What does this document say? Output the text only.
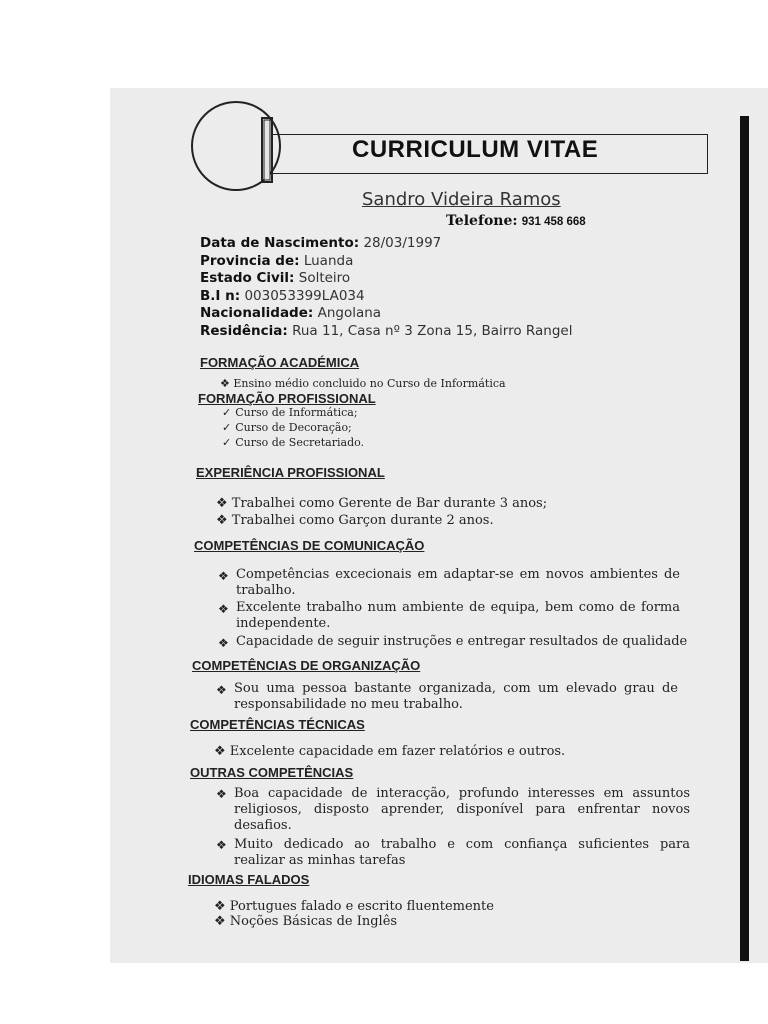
CURRICULUM VITAE
Sandro Videira Ramos
Telefone: 931 458 668
Data de Nascimento: 28/03/1997
Provincia de: Luanda
Estado Civil: Solteiro
B.I n: 003053399LA034
Nacionalidade: Angolana
Residência: Rua 11, Casa nº 3 Zona 15, Bairro Rangel
FORMAÇÃO ACADÉMICA
❖ Ensino médio concluido no Curso de Informática
FORMAÇÃO PROFISSIONAL
✓ Curso de Informática;
✓ Curso de Decoração;
✓ Curso de Secretariado.
EXPERIÊNCIA PROFISSIONAL
❖ Trabalhei como Gerente de Bar durante 3 anos;
❖ Trabalhei como Garçon durante 2 anos.
COMPETÊNCIAS DE COMUNICAÇÃO
❖ Competências excecionais em adaptar-se em novos ambientes de trabalho.
❖ Excelente trabalho num ambiente de equipa, bem como de forma independente.
❖ Capacidade de seguir instruções e entregar resultados de qualidade
COMPETÊNCIAS DE ORGANIZAÇÃO
❖ Sou uma pessoa bastante organizada, com um elevado grau de responsabilidade no meu trabalho.
COMPETÊNCIAS TÉCNICAS
❖ Excelente capacidade em fazer relatórios e outros.
OUTRAS COMPETÊNCIAS
❖ Boa capacidade de interacção, profundo interesses em assuntos religiosos, disposto aprender, disponível para enfrentar novos desafios.
❖ Muito dedicado ao trabalho e com confiança suficientes para realizar as minhas tarefas
IDIOMAS FALADOS
❖ Portugues falado e escrito fluentemente
❖ Noções Básicas de Inglês
